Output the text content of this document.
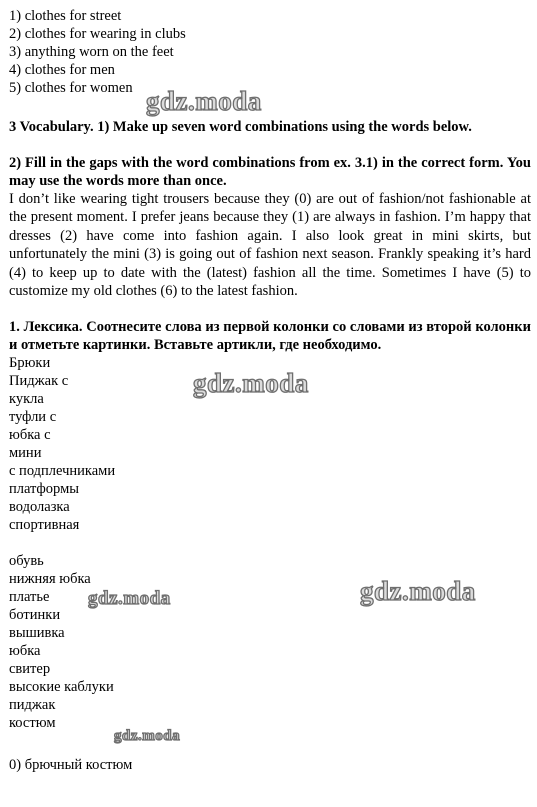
1) clothes for street
2) clothes for wearing in clubs
3) anything worn on the feet
4) clothes for men
5) clothes for women gdz.moda
3 Vocabulary. 1) Make up seven word combinations using the words below.
2) Fill in the gaps with the word combinations from ex. 3.1) in the correct form. You may use the words more than once.
I don’t like wearing tight trousers because they (0) are out of fashion/not fashionable at the present moment. I prefer jeans because they (1) are always in fashion. I’m happy that dresses (2) have come into fashion again. I also look great in mini skirts, but unfortunately the mini (3) is going out of fashion next season. Frankly speaking it’s hard (4) to keep up to date with the (latest) fashion all the time. Sometimes I have (5) to customize my old clothes (6) to the latest fashion.
1. Лексика. Соотнесите слова из первой колонки со словами из второй колонки и отметьте картинки. Вставьте артикли, где необходимо.
gdz.moda
Брюки
Пиджак с
кукла
туфли с
юбка с
мини
с подплечниками
платформы
водолазка
спортивная
обувь
нижняя юбка
платье
ботинки
вышивка
юбка
свитер
высокие каблуки
пиджак
костюм
gdz.moda
gdz.moda
gdz.moda
0) брючный костюм
